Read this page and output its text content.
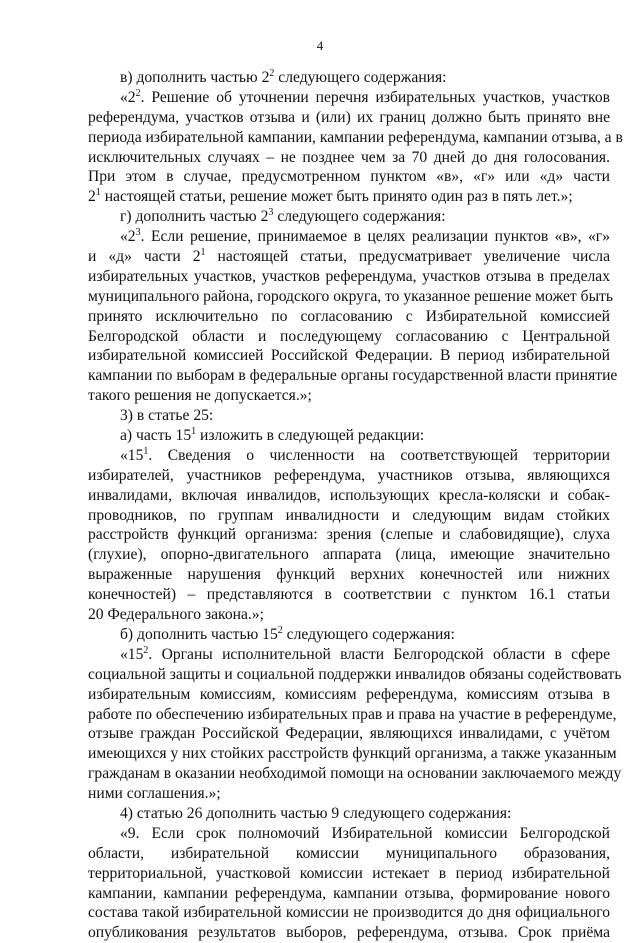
4
в) дополнить частью $2^2$ следующего содержания:
«$2^2$. Решение об уточнении перечня избирательных участков, участков
референдума, участков отзыва и (или) их границ должно быть принято вне
периода избирательной кампании, кампании референдума, кампании отзыва, а в
исключительных случаях – не позднее чем за 70 дней до дня голосования.
При этом в случае, предусмотренном пунктом «в», «г» или «д» части
$2^1$ настоящей статьи, решение может быть принято один раз в пять лет.»;
г) дополнить частью $2^3$ следующего содержания:
«$2^3$. Если решение, принимаемое в целях реализации пунктов «в», «г»
и «д» части $2^1$ настоящей статьи, предусматривает увеличение числа
избирательных участков, участков референдума, участков отзыва в пределах
муниципального района, городского округа, то указанное решение может быть
принято исключительно по согласованию с Избирательной комиссией
Белгородской области и последующему согласованию с Центральной
избирательной комиссией Российской Федерации. В период избирательной
кампании по выборам в федеральные органы государственной власти принятие
такого решения не допускается.»;
3) в статье 25:
а) часть $15^1$ изложить в следующей редакции:
«$15^1$. Сведения о численности на соответствующей территории
избирателей, участников референдума, участников отзыва, являющихся
инвалидами, включая инвалидов, использующих кресла-коляски и собак-
проводников, по группам инвалидности и следующим видам стойких
расстройств функций организма: зрения (слепые и слабовидящие), слуха
(глухие), опорно-двигательного аппарата (лица, имеющие значительно
выраженные нарушения функций верхних конечностей или нижних
конечностей) – представляются в соответствии с пунктом 16.1 статьи
20 Федерального закона.»;
б) дополнить частью $15^2$ следующего содержания:
«$15^2$. Органы исполнительной власти Белгородской области в сфере
социальной защиты и социальной поддержки инвалидов обязаны содействовать
избирательным комиссиям, комиссиям референдума, комиссиям отзыва в
работе по обеспечению избирательных прав и права на участие в референдуме,
отзыве граждан Российской Федерации, являющихся инвалидами, с учётом
имеющихся у них стойких расстройств функций организма, а также указанным
гражданам в оказании необходимой помощи на основании заключаемого между
ними соглашения.»;
4) статью 26 дополнить частью 9 следующего содержания:
«9. Если срок полномочий Избирательной комиссии Белгородской
области, избирательной комиссии муниципального образования,
территориальной, участковой комиссии истекает в период избирательной
кампании, кампании референдума, кампании отзыва, формирование нового
состава такой избирательной комиссии не производится до дня официального
опубликования результатов выборов, референдума, отзыва. Срок приёма
